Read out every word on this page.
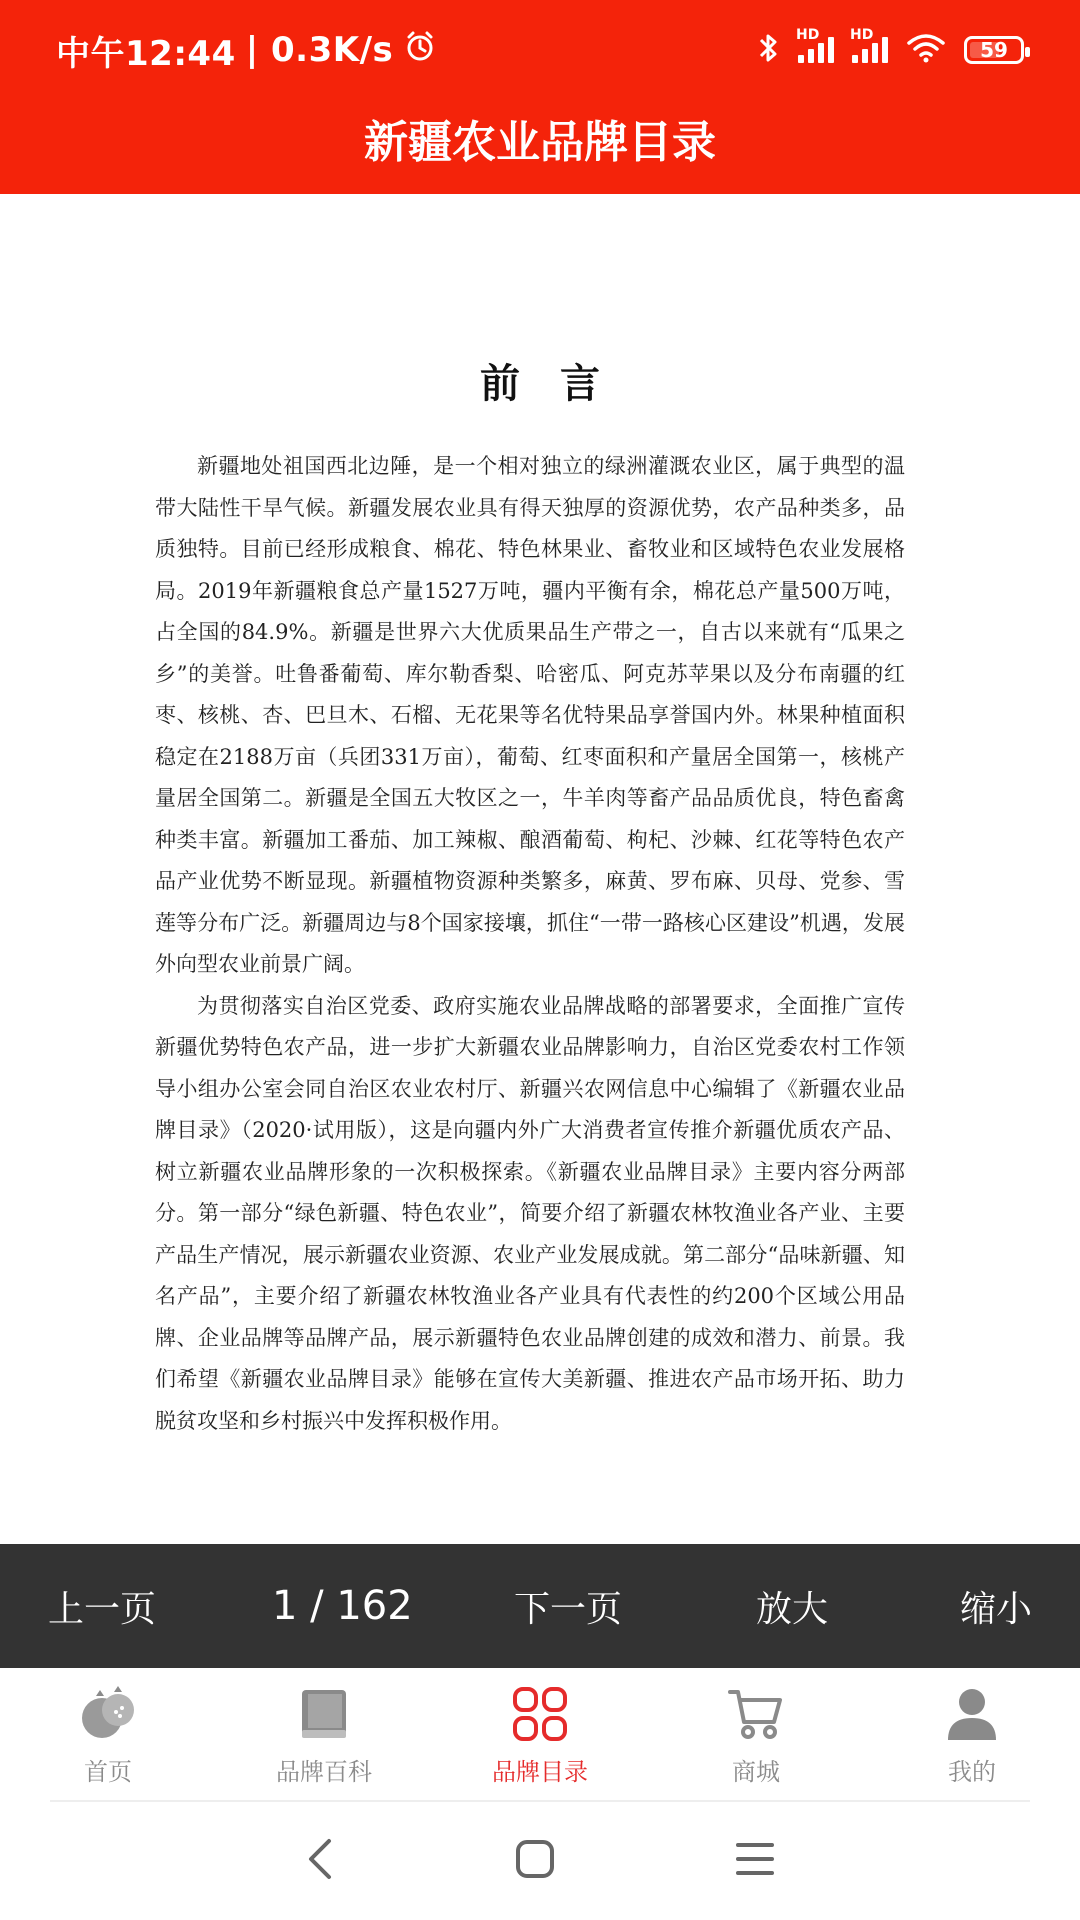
中午12:44 | 0.3K/s	HD HD
59
新疆农业品牌目录
前　言

新疆地处祖国西北边陲，是一个相对独立的绿洲灌溉农业区，属于典型的温带大陆性干旱气候。新疆发展农业具有得天独厚的资源优势，农产品种类多，品质独特。目前已经形成粮食、棉花、特色林果业、畜牧业和区域特色农业发展格局。2019年新疆粮食总产量1527万吨，疆内平衡有余，棉花总产量500万吨，占全国的84.9%。新疆是世界六大优质果品生产带之一，自古以来就有“瓜果之乡”的美誉。吐鲁番葡萄、库尔勒香梨、哈密瓜、阿克苏苹果以及分布南疆的红枣、核桃、杏、巴旦木、石榴、无花果等名优特果品享誉国内外。林果种植面积稳定在2188万亩（兵团331万亩），葡萄、红枣面积和产量居全国第一，核桃产量居全国第二。新疆是全国五大牧区之一，牛羊肉等畜产品品质优良，特色畜禽种类丰富。新疆加工番茄、加工辣椒、酿酒葡萄、枸杞、沙棘、红花等特色农产品产业优势不断显现。新疆植物资源种类繁多，麻黄、罗布麻、贝母、党参、雪莲等分布广泛。新疆周边与8个国家接壤，抓住“一带一路核心区建设”机遇，发展外向型农业前景广阔。

为贯彻落实自治区党委、政府实施农业品牌战略的部署要求，全面推广宣传新疆优势特色农产品，进一步扩大新疆农业品牌影响力，自治区党委农村工作领导小组办公室会同自治区农业农村厅、新疆兴农网信息中心编辑了《新疆农业品牌目录》（2020·试用版），这是向疆内外广大消费者宣传推介新疆优质农产品、树立新疆农业品牌形象的一次积极探索。《新疆农业品牌目录》主要内容分两部分。第一部分“绿色新疆、特色农业”，简要介绍了新疆农林牧渔业各产业、主要产品生产情况，展示新疆农业资源、农业产业发展成就。第二部分“品味新疆、知名产品”，主要介绍了新疆农林牧渔业各产业具有代表性的约200个区域公用品牌、企业品牌等品牌产品，展示新疆特色农业品牌创建的成效和潜力、前景。我们希望《新疆农业品牌目录》能够在宣传大美新疆、推进农产品市场开拓、助力脱贫攻坚和乡村振兴中发挥积极作用。

上一页	1 / 162	下一页	放大	缩小
首页	品牌百科	品牌目录	商城	我的
